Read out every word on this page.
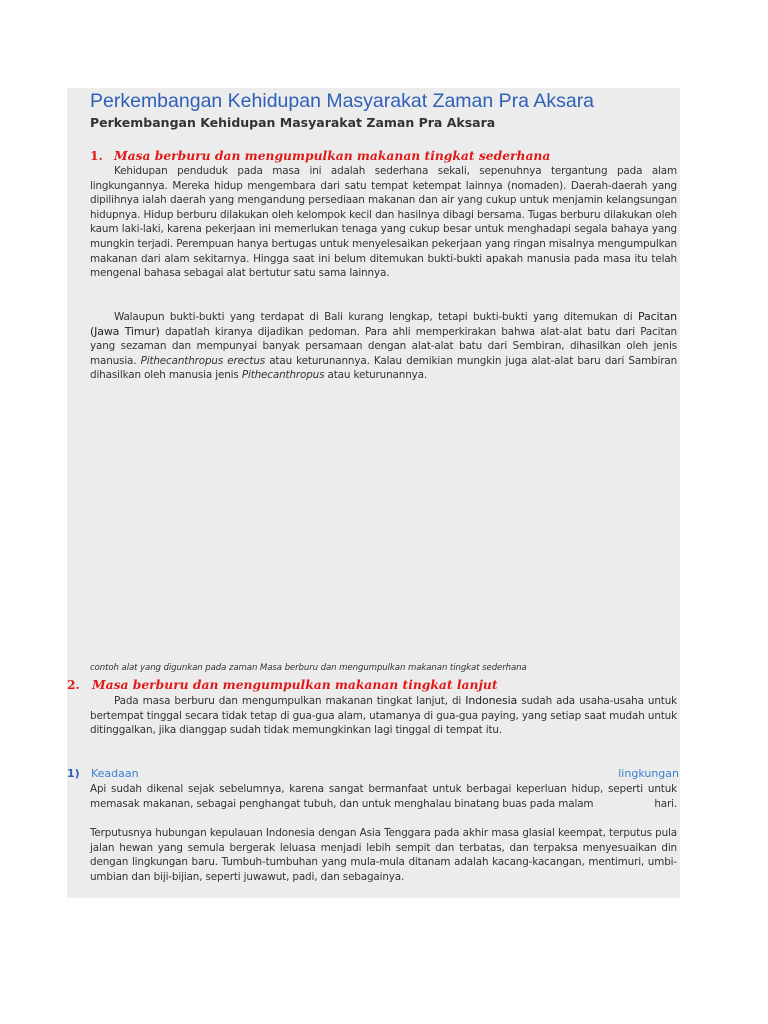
Perkembangan Kehidupan Masyarakat Zaman Pra Aksara
Perkembangan Kehidupan Masyarakat Zaman Pra Aksara
1. Masa berburu dan mengumpulkan makanan tingkat sederhana
Kehidupan penduduk pada masa ini adalah sederhana sekali, sepenuhnya tergantung pada alam lingkungannya. Mereka hidup mengembara dari satu tempat ketempat lainnya (nomaden). Daerah-daerah yang dipilihnya ialah daerah yang mengandung persediaan makanan dan air yang cukup untuk menjamin kelangsungan hidupnya. Hidup berburu dilakukan oleh kelompok kecil dan hasilnya dibagi bersama. Tugas berburu dilakukan oleh kaum laki-laki, karena pekerjaan ini memerlukan tenaga yang cukup besar untuk menghadapi segala bahaya yang mungkin terjadi. Perempuan hanya bertugas untuk menyelesaikan pekerjaan yang ringan misalnya mengumpulkan makanan dari alam sekitarnya. Hingga saat ini belum ditemukan bukti-bukti apakah manusia pada masa itu telah mengenal bahasa sebagai alat bertutur satu sama lainnya.
Walaupun bukti-bukti yang terdapat di Bali kurang lengkap, tetapi bukti-bukti yang ditemukan di Pacitan (Jawa Timur) dapatlah kiranya dijadikan pedoman. Para ahli memperkirakan bahwa alat-alat batu dari Pacitan yang sezaman dan mempunyai banyak persamaan dengan alat-alat batu dari Sembiran, dihasilkan oleh jenis manusia. Pithecanthropus erectus atau keturunannya. Kalau demikian mungkin juga alat-alat baru dari Sambiran dihasilkan oleh manusia jenis Pithecanthropus atau keturunannya.
contoh alat yang digunkan pada zaman Masa berburu dan mengumpulkan makanan tingkat sederhana
2. Masa berburu dan mengumpulkan makanan tingkat lanjut
Pada masa berburu dan mengumpulkan makanan tingkat lanjut, di Indonesia sudah ada usaha-usaha untuk bertempat tinggal secara tidak tetap di gua-gua alam, utamanya di gua-gua paying, yang setiap saat mudah untuk ditinggalkan, jika dianggap sudah tidak memungkinkan lagi tinggal di tempat itu.
1) Keadaan	lingkungan
Api sudah dikenal sejak sebelumnya, karena sangat bermanfaat untuk berbagai keperluan hidup, seperti untuk memasak makanan, sebagai penghangat tubuh, dan untuk menghalau binatang buas pada malam	hari.
Terputusnya hubungan kepulauan Indonesia dengan Asia Tenggara pada akhir masa glasial keempat, terputus pula jalan hewan yang semula bergerak leluasa menjadi lebih sempit dan terbatas, dan terpaksa menyesuaikan din dengan lingkungan baru. Tumbuh-tumbuhan yang mula-mula ditanam adalah kacang-kacangan, mentimuri, umbi-umbian dan biji-bijian, seperti juwawut, padi, dan sebagainya.
